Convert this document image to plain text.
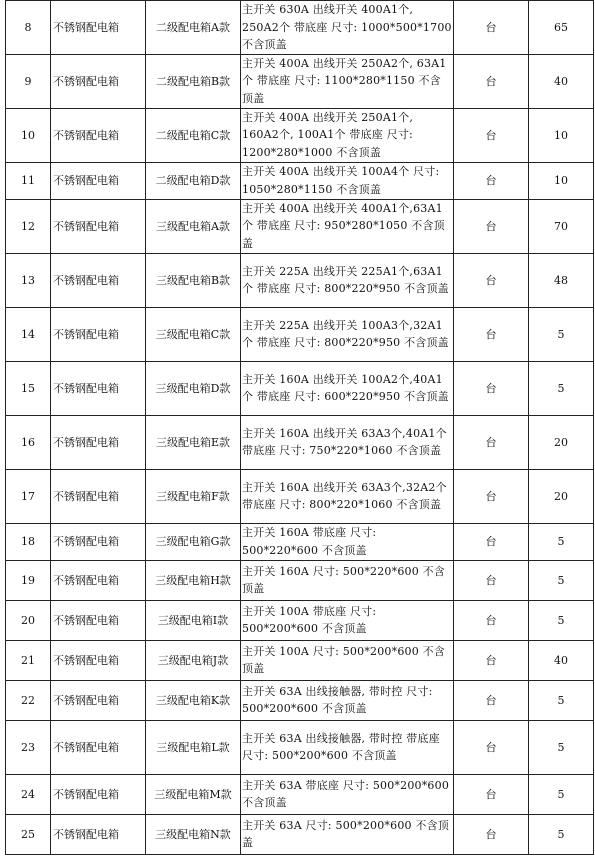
8	不锈钢配电箱	二级配电箱A款	主开关 630A 出线开关 400A1个, 250A2个 带底座 尺寸: 1000*500*1700 不含顶盖	台	65
9	不锈钢配电箱	二级配电箱B款	主开关 400A 出线开关 250A2个, 63A1个 带底座 尺寸: 1100*280*1150 不含顶盖	台	40
10	不锈钢配电箱	二级配电箱C款	主开关 400A 出线开关 250A1个, 160A2个, 100A1个 带底座 尺寸: 1200*280*1000 不含顶盖	台	10
11	不锈钢配电箱	二级配电箱D款	主开关 400A 出线开关 100A4个 尺寸: 1050*280*1150 不含顶盖	台	10
12	不锈钢配电箱	三级配电箱A款	主开关 400A 出线开关 400A1个,63A1个 带底座 尺寸: 950*280*1050 不含顶盖	台	70
13	不锈钢配电箱	三级配电箱B款	主开关 225A 出线开关 225A1个,63A1个 带底座 尺寸: 800*220*950 不含顶盖	台	48
14	不锈钢配电箱	三级配电箱C款	主开关 225A 出线开关 100A3个,32A1个 带底座 尺寸: 800*220*950 不含顶盖	台	5
15	不锈钢配电箱	三级配电箱D款	主开关 160A 出线开关 100A2个,40A1个 带底座 尺寸: 600*220*950 不含顶盖	台	5
16	不锈钢配电箱	三级配电箱E款	主开关 160A 出线开关 63A3个,40A1个 带底座 尺寸: 750*220*1060 不含顶盖	台	20
17	不锈钢配电箱	三级配电箱F款	主开关 160A 出线开关 63A3个,32A2个 带底座 尺寸: 800*220*1060 不含顶盖	台	20
18	不锈钢配电箱	三级配电箱G款	主开关 160A 带底座 尺寸: 500*220*600 不含顶盖	台	5
19	不锈钢配电箱	三级配电箱H款	主开关 160A 尺寸: 500*220*600 不含顶盖	台	5
20	不锈钢配电箱	三级配电箱I款	主开关 100A 带底座 尺寸: 500*200*600 不含顶盖	台	5
21	不锈钢配电箱	三级配电箱J款	主开关 100A 尺寸: 500*200*600 不含顶盖	台	40
22	不锈钢配电箱	三级配电箱K款	主开关 63A 出线接触器, 带时控 尺寸: 500*200*600 不含顶盖	台	5
23	不锈钢配电箱	三级配电箱L款	主开关 63A 出线接触器, 带时控 带底座 尺寸: 500*200*600 不含顶盖	台	5
24	不锈钢配电箱	三级配电箱M款	主开关 63A 带底座 尺寸: 500*200*600 不含顶盖	台	5
25	不锈钢配电箱	三级配电箱N款	主开关 63A 尺寸: 500*200*600 不含顶盖	台	5
